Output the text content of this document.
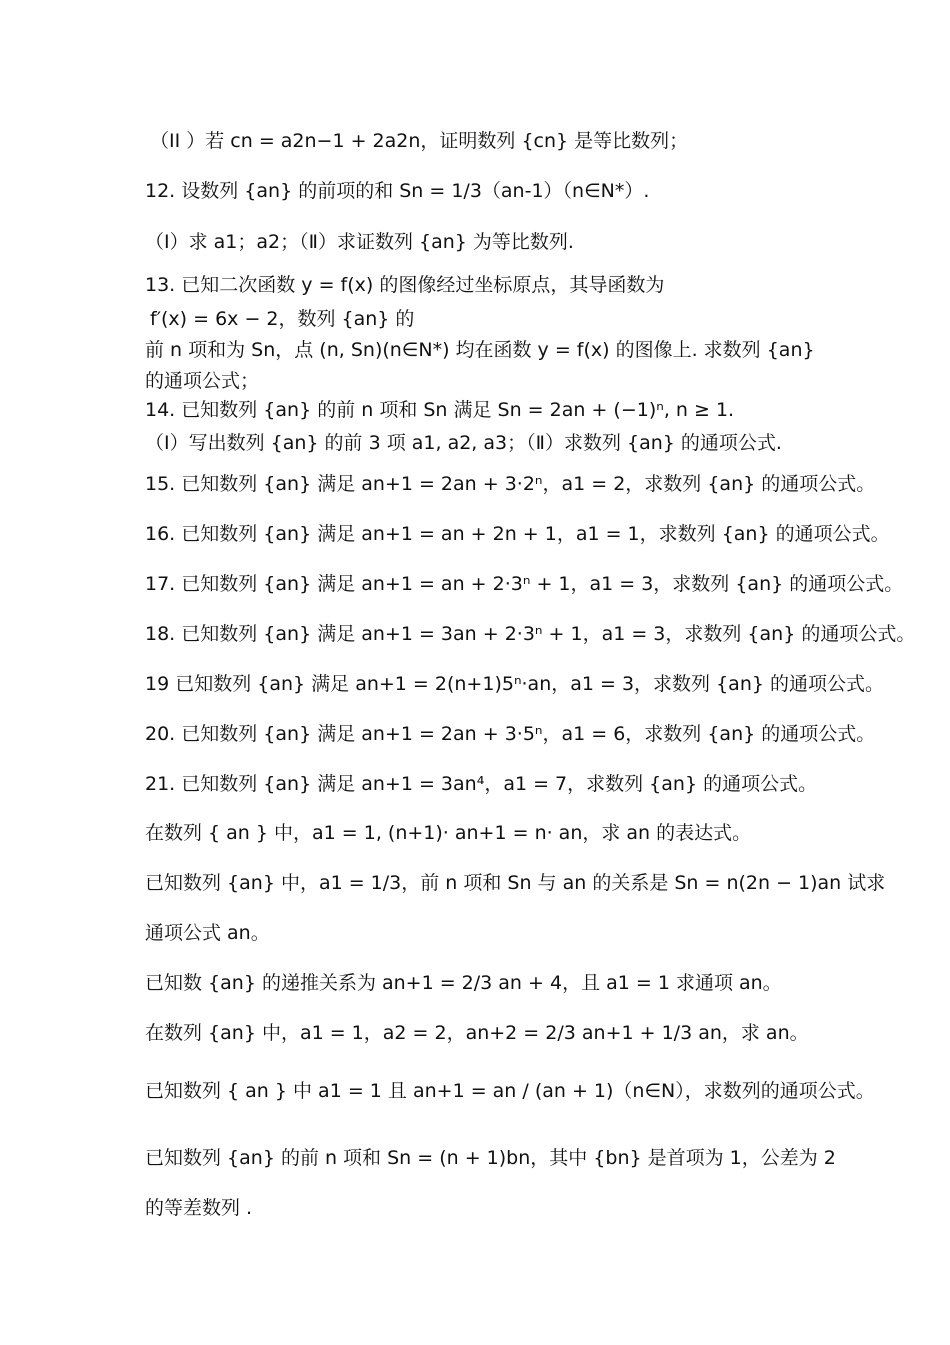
（II ）若 cn = a2n−1 + 2a2n，证明数列 {cn} 是等比数列；
12. 设数列 {an} 的前项的和 Sn = 1/3（an-1）（n∈N*）.
（Ⅰ）求 a1；a2；（Ⅱ）求证数列 {an} 为等比数列.
13. 已知二次函数 y = f(x) 的图像经过坐标原点，其导函数为
f′(x) = 6x − 2，数列 {an} 的
前 n 项和为 Sn，点 (n, Sn)(n∈N*) 均在函数 y = f(x) 的图像上. 求数列 {an}
的通项公式；
14. 已知数列 {an} 的前 n 项和 Sn 满足 Sn = 2an + (−1)ⁿ, n ≥ 1.
（Ⅰ）写出数列 {an} 的前 3 项 a1, a2, a3；（Ⅱ）求数列 {an} 的通项公式.
15. 已知数列 {an} 满足 an+1 = 2an + 3·2ⁿ，a1 = 2，求数列 {an} 的通项公式。
16. 已知数列 {an} 满足 an+1 = an + 2n + 1，a1 = 1，求数列 {an} 的通项公式。
17. 已知数列 {an} 满足 an+1 = an + 2·3ⁿ + 1，a1 = 3，求数列 {an} 的通项公式。
18. 已知数列 {an} 满足 an+1 = 3an + 2·3ⁿ + 1，a1 = 3，求数列 {an} 的通项公式。
19 已知数列 {an} 满足 an+1 = 2(n+1)5ⁿ·an，a1 = 3，求数列 {an} 的通项公式。
20. 已知数列 {an} 满足 an+1 = 2an + 3·5ⁿ，a1 = 6，求数列 {an} 的通项公式。
21. 已知数列 {an} 满足 an+1 = 3an⁴，a1 = 7，求数列 {an} 的通项公式。
在数列 { an } 中，a1 = 1, (n+1)· an+1 = n· an，求 an 的表达式。
已知数列 {an} 中，a1 = 1/3，前 n 项和 Sn 与 an 的关系是 Sn = n(2n − 1)an 试求
通项公式 an。
已知数 {an} 的递推关系为 an+1 = 2/3 an + 4，且 a1 = 1 求通项 an。
在数列 {an} 中，a1 = 1，a2 = 2，an+2 = 2/3 an+1 + 1/3 an，求 an。
已知数列 { an } 中 a1 = 1 且 an+1 = an / (an + 1)（n∈N），求数列的通项公式。
已知数列 {an} 的前 n 项和 Sn = (n + 1)bn，其中 {bn} 是首项为 1，公差为 2
的等差数列 .
